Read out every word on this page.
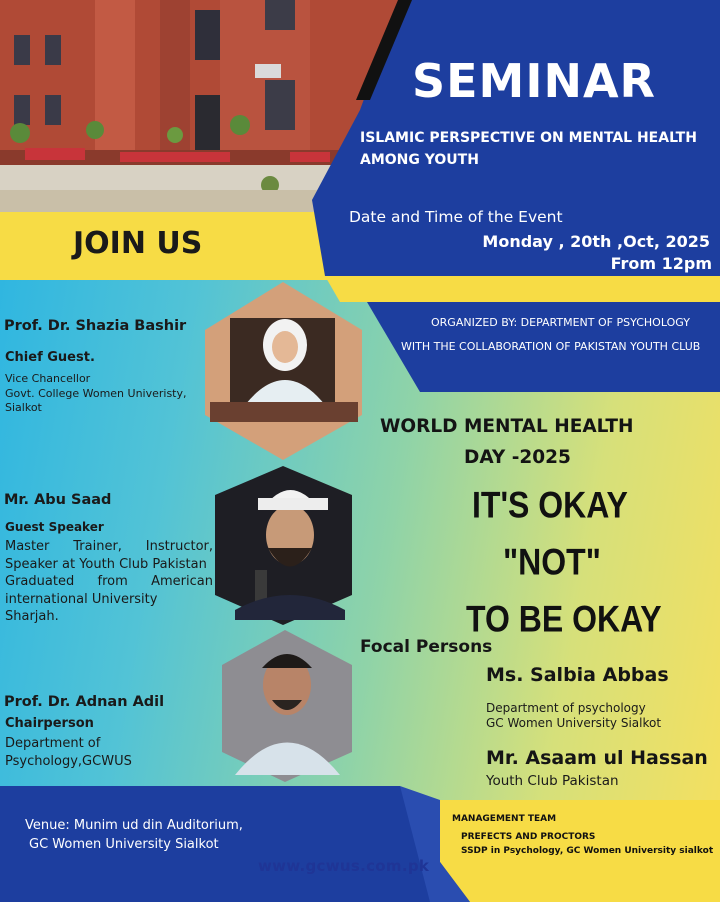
SEMINAR
ISLAMIC PERSPECTIVE ON MENTAL HEALTH AMONG YOUTH
Date and Time of the Event
Monday , 20th ,Oct, 2025
From 12pm
JOIN US
ORGANIZED BY: DEPARTMENT OF PSYCHOLOGY
WITH THE COLLABORATION OF PAKISTAN YOUTH CLUB
Prof. Dr. Shazia Bashir
Chief Guest.
Vice Chancellor
Govt. College Women Univeristy,
Sialkot
Mr. Abu Saad
Guest Speaker
Master Trainer, Instructor,
Speaker at Youth Club Pakistan
Graduated from American
international University Sharjah.
Prof. Dr. Adnan Adil
Chairperson
Department of
Psychology,GCWUS
WORLD MENTAL HEALTH
DAY -2025
IT'S OKAY
"NOT"
TO BE OKAY
Focal Persons
Ms. Salbia Abbas
Department of psychology
GC Women University Sialkot
Mr. Asaam ul Hassan
Youth Club Pakistan
Venue: Munim ud din Auditorium,
GC Women University Sialkot
www.gcwus.com.pk
MANAGEMENT TEAM
PREFECTS AND PROCTORS
SSDP in Psychology, GC Women University sialkot
